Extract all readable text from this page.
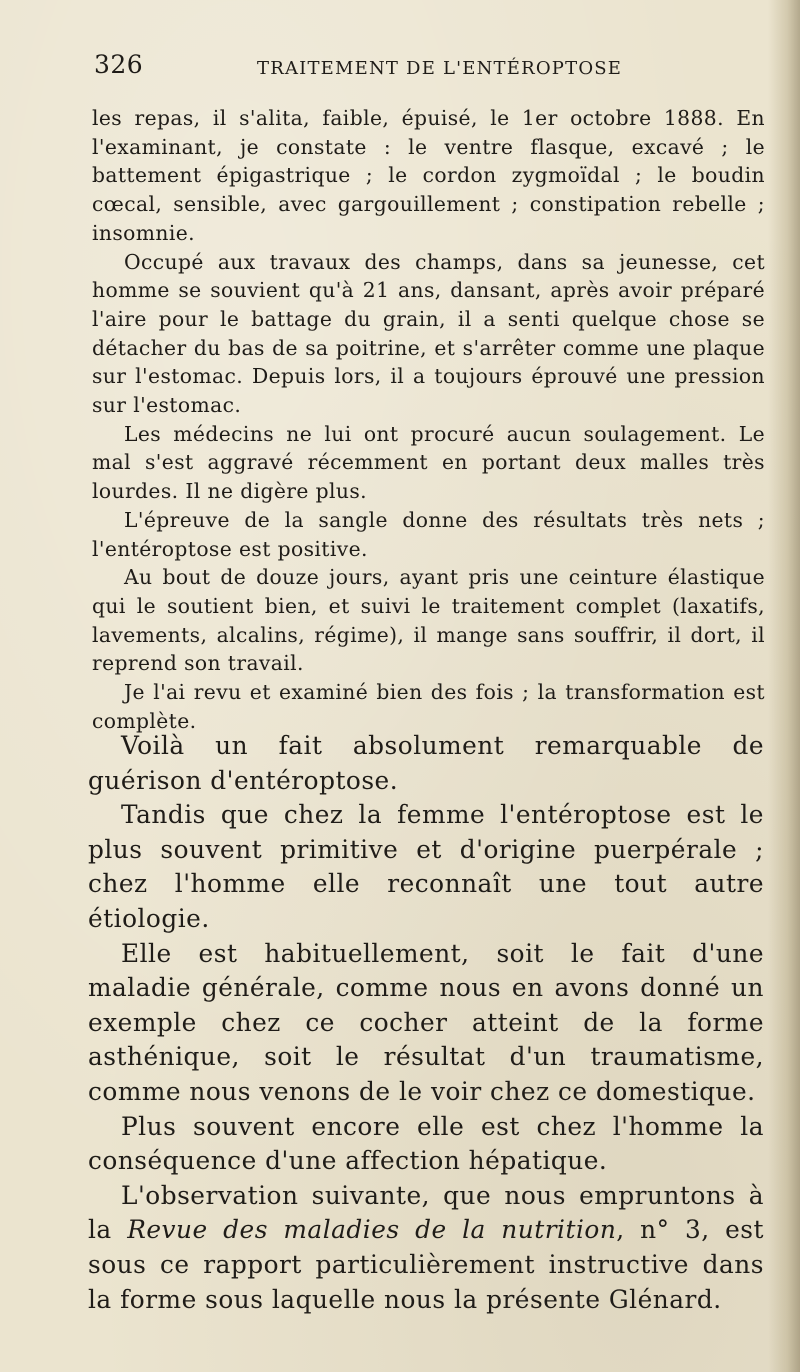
326	TRAITEMENT DE L'ENTÉROPTOSE

les repas, il s'alita, faible, épuisé, le 1er octobre 1888. En l'examinant, je constate : le ventre flasque, excavé ; le battement épigastrique ; le cordon zygmoïdal ; le boudin cœcal, sensible, avec gargouillement ; constipation rebelle ; insomnie.

Occupé aux travaux des champs, dans sa jeunesse, cet homme se souvient qu'à 21 ans, dansant, après avoir préparé l'aire pour le battage du grain, il a senti quelque chose se détacher du bas de sa poitrine, et s'arrêter comme une plaque sur l'estomac. Depuis lors, il a toujours éprouvé une pression sur l'estomac.

Les médecins ne lui ont procuré aucun soulagement. Le mal s'est aggravé récemment en portant deux malles très lourdes. Il ne digère plus.

L'épreuve de la sangle donne des résultats très nets ; l'entéroptose est positive.

Au bout de douze jours, ayant pris une ceinture élastique qui le soutient bien, et suivi le traitement complet (laxatifs, lavements, alcalins, régime), il mange sans souffrir, il dort, il reprend son travail.

Je l'ai revu et examiné bien des fois ; la transformation est complète.

Voilà un fait absolument remarquable de guérison d'entéroptose.

Tandis que chez la femme l'entéroptose est le plus souvent primitive et d'origine puerpérale ; chez l'homme elle reconnaît une tout autre étiologie.

Elle est habituellement, soit le fait d'une maladie générale, comme nous en avons donné un exemple chez ce cocher atteint de la forme asthénique, soit le résultat d'un traumatisme, comme nous venons de le voir chez ce domestique.

Plus souvent encore elle est chez l'homme la conséquence d'une affection hépatique.

L'observation suivante, que nous empruntons à la Revue des maladies de la nutrition, n° 3, est sous ce rapport particulièrement instructive dans la forme sous laquelle nous la présente Glénard.
